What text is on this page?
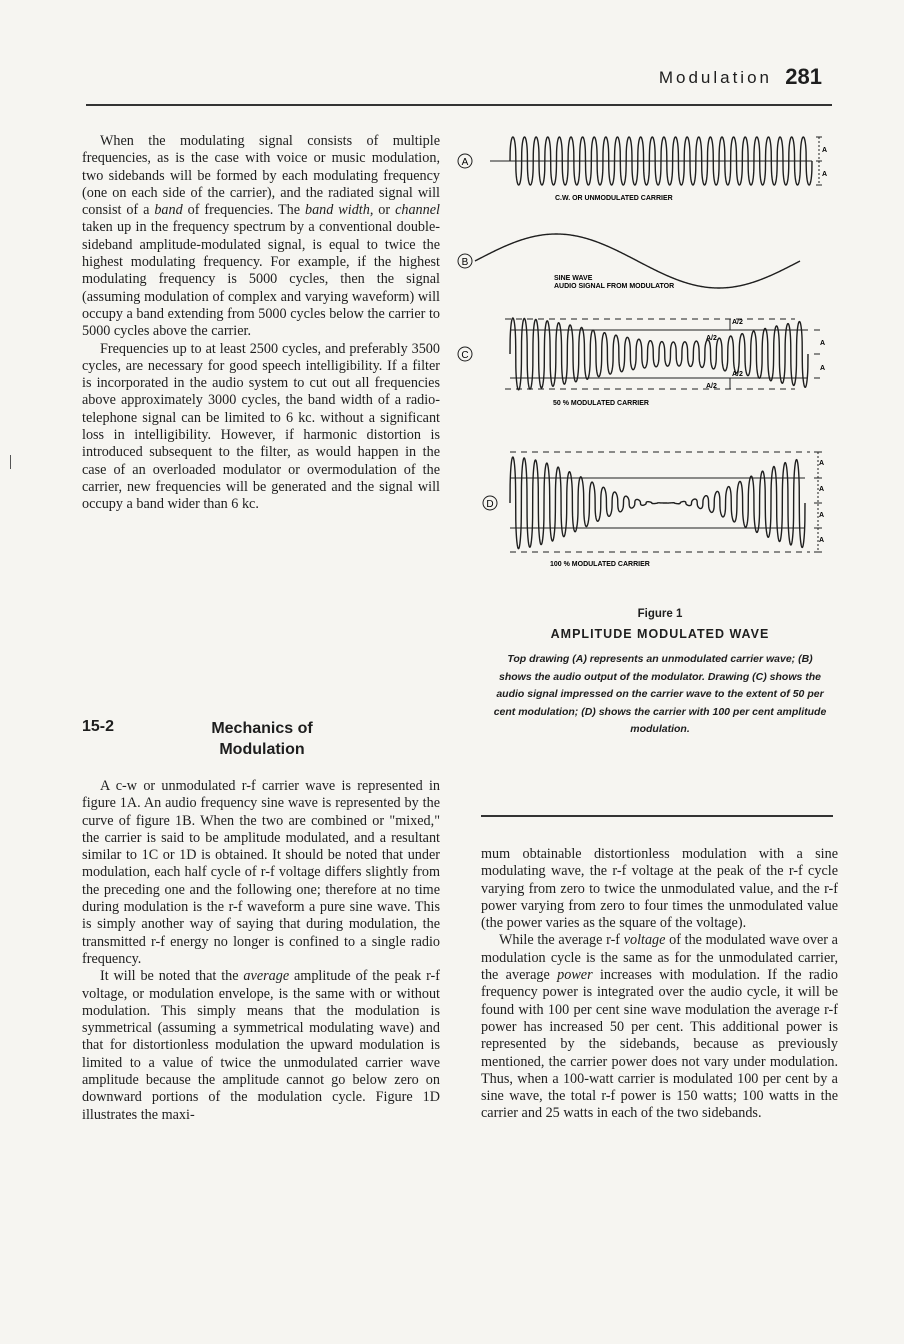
Modulation 281

When the modulating signal consists of multiple frequencies, as is the case with voice or music modulation, two sidebands will be formed by each modulating frequency (one on each side of the carrier), and the radiated signal will consist of a band of frequencies. The band width, or channel taken up in the frequency spectrum by a conventional double-sideband amplitude-modulated signal, is equal to twice the highest modulating frequency. For example, if the highest modulating frequency is 5000 cycles, then the signal (assuming modulation of complex and varying waveform) will occupy a band extending from 5000 cycles below the carrier to 5000 cycles above the carrier.

Frequencies up to at least 2500 cycles, and preferably 3500 cycles, are necessary for good speech intelligibility. If a filter is incorporated in the audio system to cut out all frequencies above approximately 3000 cycles, the band width of a radio-telephone signal can be limited to 6 kc. without a significant loss in intelligibility. However, if harmonic distortion is introduced subsequent to the filter, as would happen in the case of an overloaded modulator or overmodulation of the carrier, new frequencies will be generated and the signal will occupy a band wider than 6 kc.

15-2	Mechanics of
Modulation

A c-w or unmodulated r-f carrier wave is represented in figure 1A. An audio frequency sine wave is represented by the curve of figure 1B. When the two are combined or "mixed," the carrier is said to be amplitude modulated, and a resultant similar to 1C or 1D is obtained. It should be noted that under modulation, each half cycle of r-f voltage differs slightly from the preceding one and the following one; therefore at no time during modulation is the r-f waveform a pure sine wave. This is simply another way of saying that during modulation, the transmitted r-f energy no longer is confined to a single radio frequency.

It will be noted that the average amplitude of the peak r-f voltage, or modulation envelope, is the same with or without modulation. This simply means that the modulation is symmetrical (assuming a symmetrical modulating wave) and that for distortionless modulation the upward modulation is limited to a value of twice the unmodulated carrier wave amplitude because the amplitude cannot go below zero on downward portions of the modulation cycle. Figure 1D illustrates the maxi-

A
A
A
C.W. OR UNMODULATED CARRIER
B
SINE WAVE
AUDIO SIGNAL FROM MODULATOR
C
A/2
A/2
A/2
A/2
A
A
50 % MODULATED CARRIER
D
A
A
A
A
100 % MODULATED CARRIER
Figure 1
AMPLITUDE MODULATED WAVE
Top drawing (A) represents an unmodulated carrier wave; (B) shows the audio output of the modulator. Drawing (C) shows the audio signal impressed on the carrier wave to the extent of 50 per cent modulation; (D) shows the carrier with 100 per cent amplitude modulation.

mum obtainable distortionless modulation with a sine modulating wave, the r-f voltage at the peak of the r-f cycle varying from zero to twice the unmodulated value, and the r-f power varying from zero to four times the unmodulated value (the power varies as the square of the voltage).

While the average r-f voltage of the modulated wave over a modulation cycle is the same as for the unmodulated carrier, the average power increases with modulation. If the radio frequency power is integrated over the audio cycle, it will be found with 100 per cent sine wave modulation the average r-f power has increased 50 per cent. This additional power is represented by the sidebands, because as previously mentioned, the carrier power does not vary under modulation. Thus, when a 100-watt carrier is modulated 100 per cent by a sine wave, the total r-f power is 150 watts; 100 watts in the carrier and 25 watts in each of the two sidebands.
